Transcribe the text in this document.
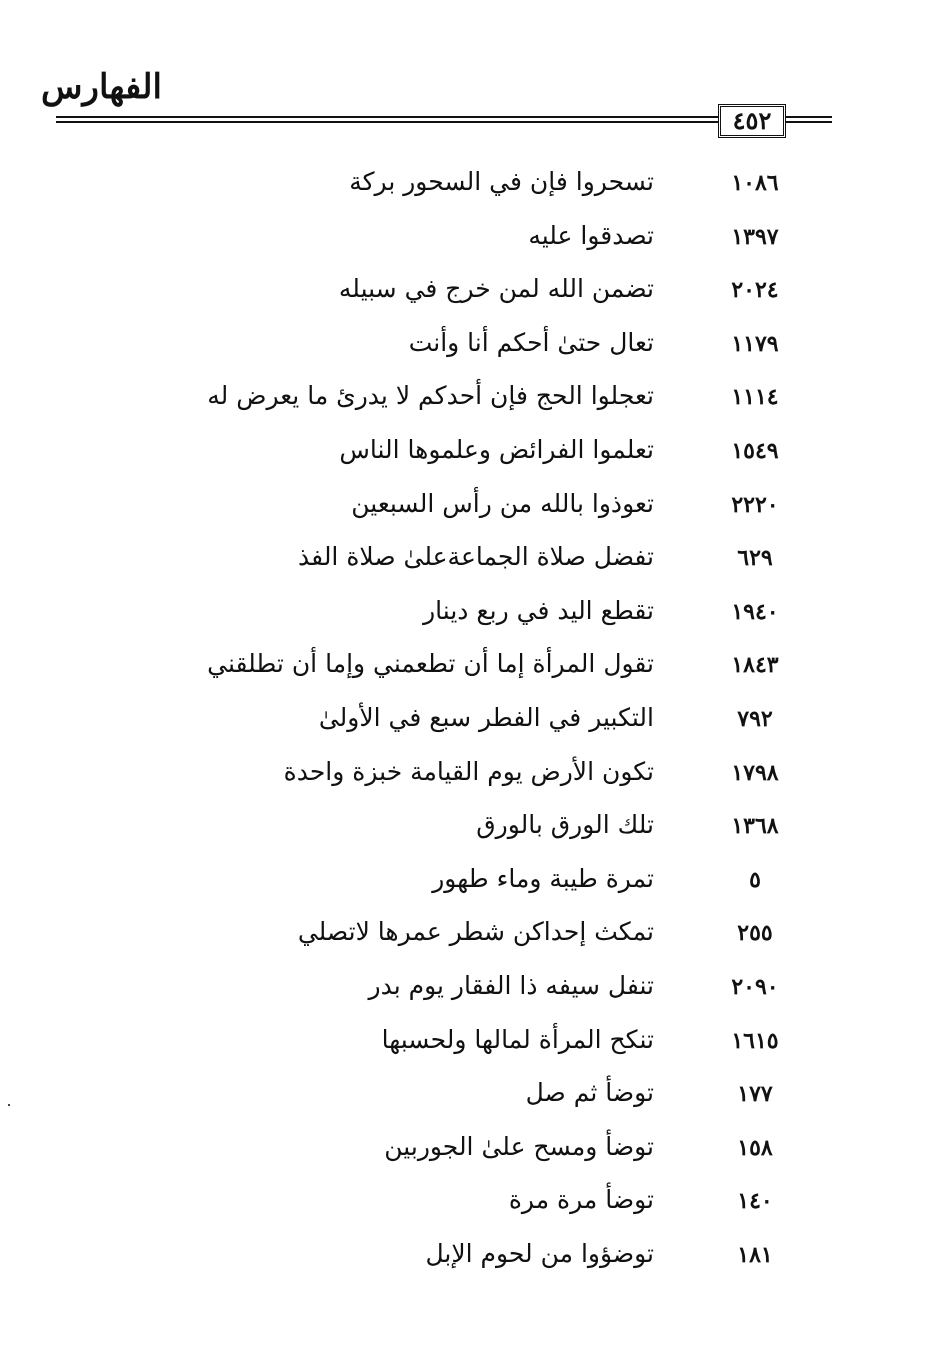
الفهارس
٤٥٢
١٠٨٦
تسحروا فإن في السحور بركة
١٣٩٧
تصدقوا عليه
٢٠٢٤
تضمن الله لمن خرج في سبيله
١١٧٩
تعال حتىٰ أحكم أنا وأنت
١١١٤
تعجلوا الحج فإن أحدكم لا يدرئ ما يعرض له
١٥٤٩
تعلموا الفرائض وعلموها الناس
٢٢٢٠
تعوذوا بالله من رأس السبعين
٦٢٩
تفضل صلاة الجماعةعلىٰ صلاة الفذ
١٩٤٠
تقطع اليد في ربع دينار
١٨٤٣
تقول المرأة إما أن تطعمني وإما أن تطلقني
٧٩٢
التكبير في الفطر سبع في الأولىٰ
١٧٩٨
تكون الأرض يوم القيامة خبزة واحدة
١٣٦٨
تلك الورق بالورق
٥
تمرة طيبة وماء طهور
٢٥٥
تمكث إحداكن شطر عمرها لاتصلي
٢٠٩٠
تنفل سيفه ذا الفقار يوم بدر
١٦١٥
تنكح المرأة لمالها ولحسبها
١٧٧
توضأ ثم صل
١٥٨
توضأ ومسح علىٰ الجوربين
١٤٠
توضأ مرة مرة
١٨١
توضؤوا من لحوم الإبل
